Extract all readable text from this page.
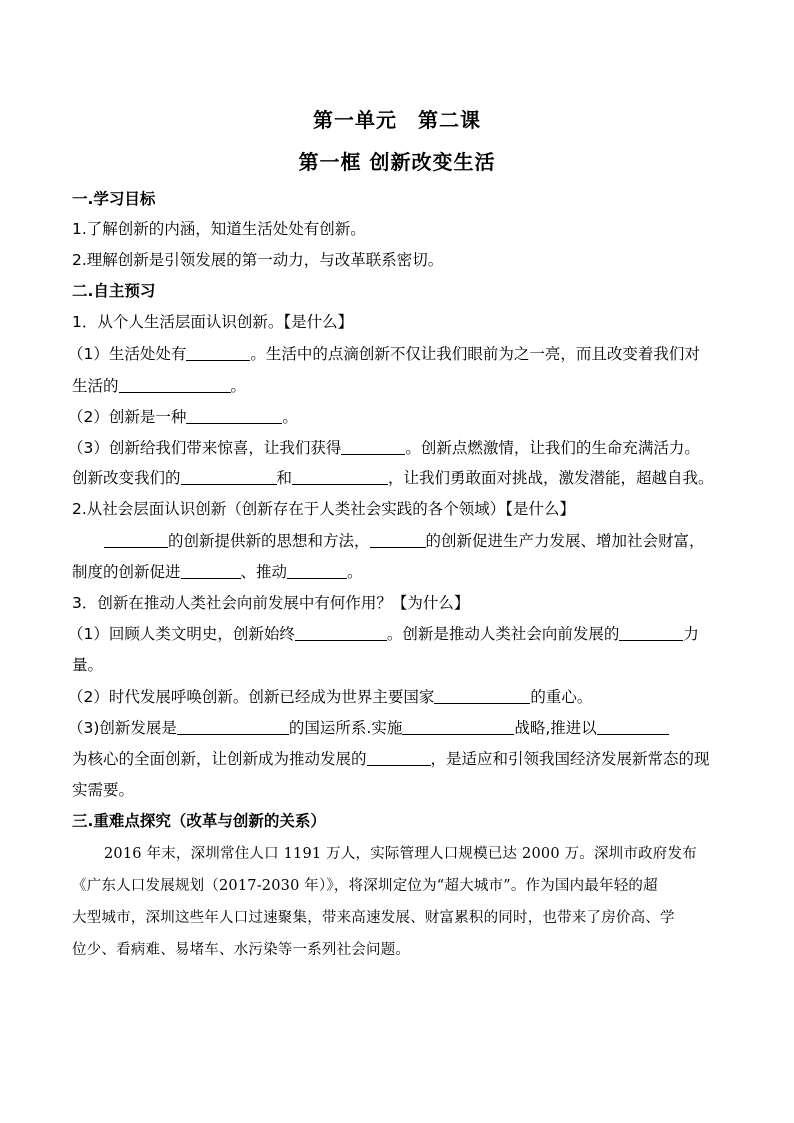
第一单元　第二课
第一框 创新改变生活
一.学习目标
1.了解创新的内涵，知道生活处处有创新。
2.理解创新是引领发展的第一动力，与改革联系密切。
二.自主预习
1．从个人生活层面认识创新。【是什么】
（1）生活处处有	。生活中的点滴创新不仅让我们眼前为之一亮，而且改变着我们对
生活的	。
（2）创新是一种	。
（3）创新给我们带来惊喜，让我们获得	。创新点燃激情，让我们的生命充满活力。
创新改变我们的	和	，让我们勇敢面对挑战，激发潜能，超越自我。
2.从社会层面认识创新（创新存在于人类社会实践的各个领域）【是什么】
的创新提供新的思想和方法，	的创新促进生产力发展、增加社会财富，
制度的创新促进	、推动	。
3．创新在推动人类社会向前发展中有何作用？【为什么】
（1）回顾人类文明史，创新始终	。创新是推动人类社会向前发展的	力
量。
（2）时代发展呼唤创新。创新已经成为世界主要国家	的重心。
（3)创新发展是	的国运所系.实施	战略,推进以
为核心的全面创新，让创新成为推动发展的	，是适应和引领我国经济发展新常态的现
实需要。
三.重难点探究（改革与创新的关系）
2016 年末，深圳常住人口 1191 万人，实际管理人口规模已达 2000 万。深圳市政府发布
《广东人口发展规划（2017-2030 年）》，将深圳定位为“超大城市”。作为国内最年轻的超
大型城市，深圳这些年人口过速聚集，带来高速发展、财富累积的同时，也带来了房价高、学
位少、看病难、易堵车、水污染等一系列社会问题。
